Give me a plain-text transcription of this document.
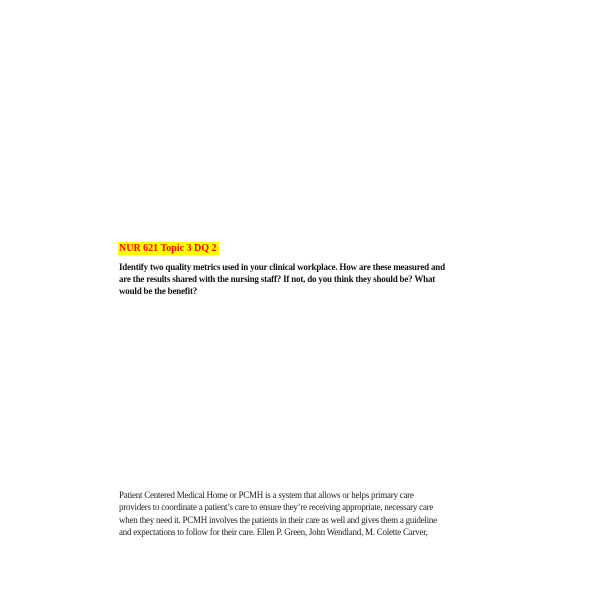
NUR 621 Topic 3 DQ 2
Identify two quality metrics used in your clinical workplace. How are these measured and
are the results shared with the nursing staff? If not, do you think they should be? What
would be the benefit?
Patient Centered Medical Home or PCMH is a system that allows or helps primary care
providers to coordinate a patient’s care to ensure they’re receiving appropriate, necessary care
when they need it. PCMH involves the patients in their care as well and gives them a guideline
and expectations to follow for their care. Ellen P. Green, John Wendland, M. Colette Carver,
